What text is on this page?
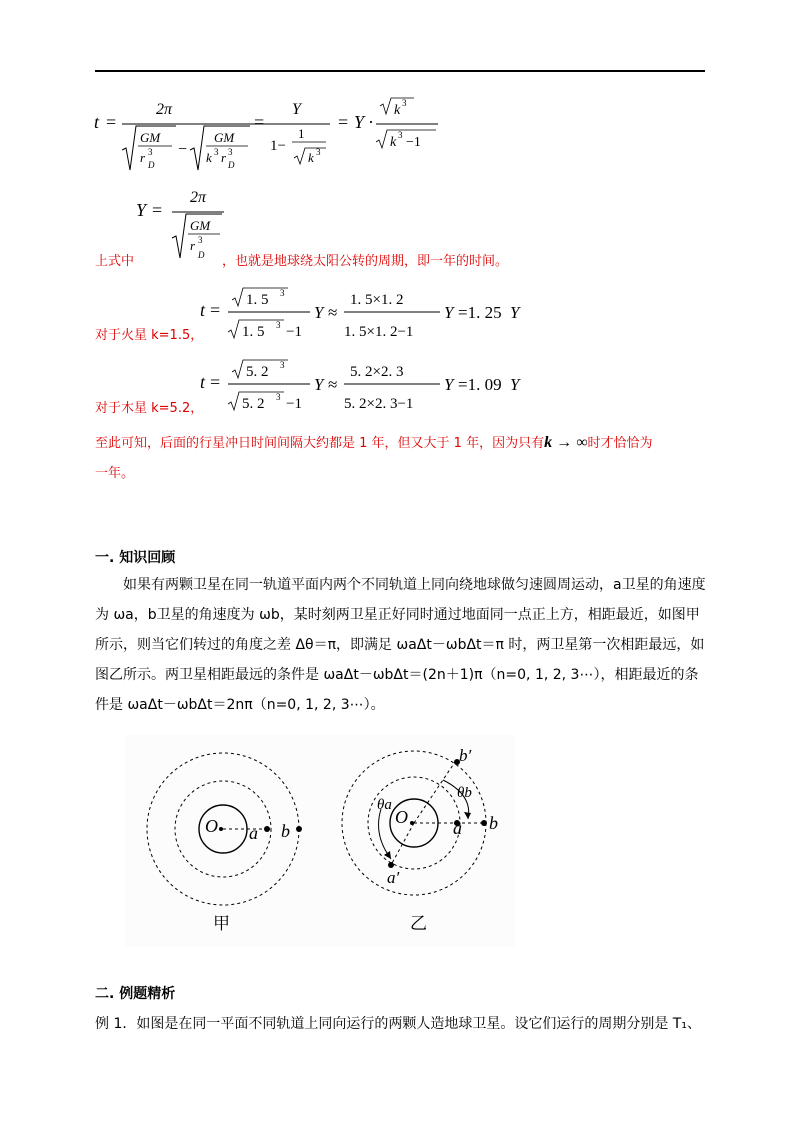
t =
2π
GM
r 3
D
−
GM
k 3 r 3
D
=
Y
1−
1
k 3
= Y ·
k 3
k 3 −1
Y =
2π
GM
r 3
D
上式中	，也就是地球绕太阳公转的周期，即一年的时间。
对于火星 k=1.5，
t = 1. 5 3
1. 5 3 −1
Y ≈
1. 5×1. 2
1. 5×1. 2−1
Y =1. 25 Y
对于木星 k=5.2，
t = 5. 2 3
5. 2 3 −1
Y ≈
5. 2×2. 3
5. 2×2. 3−1
Y =1. 09 Y
至此可知，后面的行星冲日时间间隔大约都是 1 年，但又大于 1 年，因为只有k → ∞时才恰恰为
一年。
一. 知识回顾
如果有两颗卫星在同一轨道平面内两个不同轨道上同向绕地球做匀速圆周运动，a卫星的角速度为 ωa，b卫星的角速度为 ωb，某时刻两卫星正好同时通过地面同一点正上方，相距最近，如图甲所示，则当它们转过的角度之差 Δθ＝π，即满足 ωaΔt－ωbΔt＝π 时，两卫星第一次相距最远，如图乙所示。两卫星相距最远的条件是 ωaΔt－ωbΔt＝(2n＋1)π（n=0, 1, 2, 3⋯），相距最近的条件是 ωaΔt－ωbΔt＝2nπ（n=0, 1, 2, 3⋯）。
O a b
甲
O
a b
a′
b′
θa
θb
乙
二. 例题精析
例 1．如图是在同一平面不同轨道上同向运行的两颗人造地球卫星。设它们运行的周期分别是 T₁、
